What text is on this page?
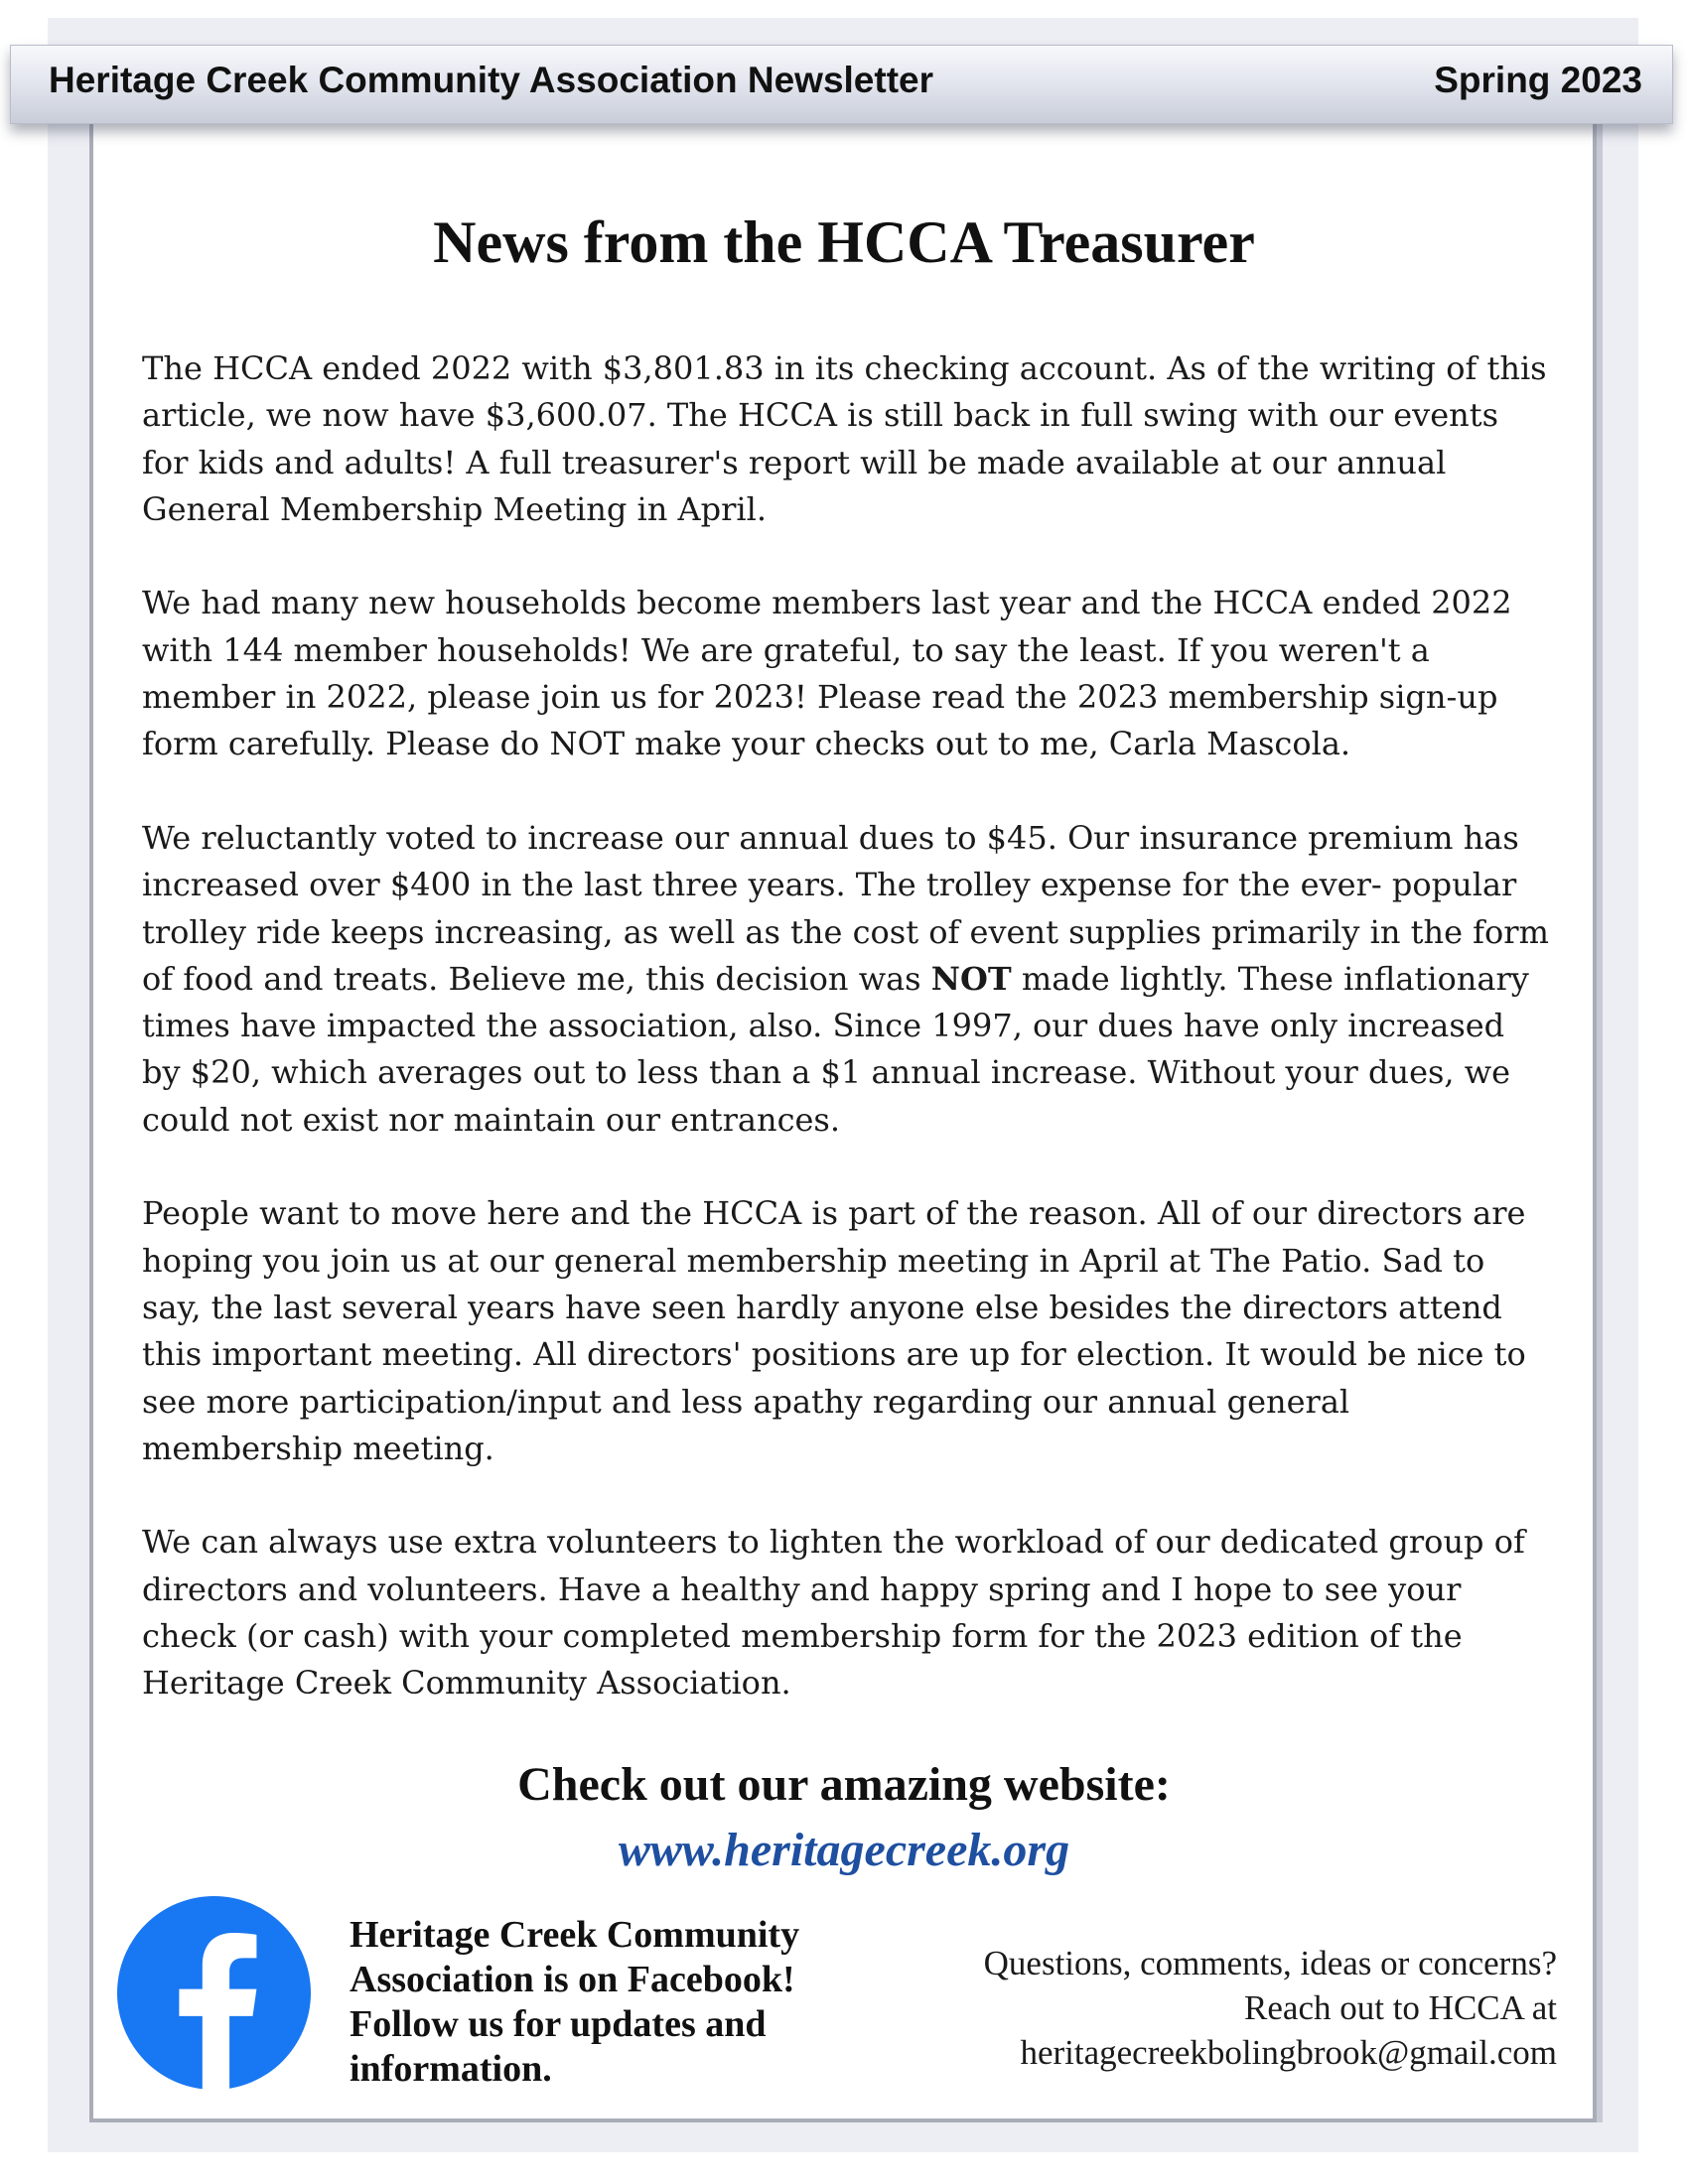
Heritage Creek Community Association Newsletter	Spring 2023
News from the HCCA Treasurer

The HCCA ended 2022 with $3,801.83 in its checking account. As of the writing of this article, we now have $3,600.07. The HCCA is still back in full swing with our events for kids and adults! A full treasurer's report will be made available at our annual General Membership Meeting in April.

We had many new households become members last year and the HCCA ended 2022 with 144 member households! We are grateful, to say the least. If you weren't a member in 2022, please join us for 2023! Please read the 2023 membership sign-up form carefully. Please do NOT make your checks out to me, Carla Mascola.

We reluctantly voted to increase our annual dues to $45. Our insurance premium has increased over $400 in the last three years. The trolley expense for the ever- popular trolley ride keeps increasing, as well as the cost of event supplies primarily in the form of food and treats. Believe me, this decision was NOT made lightly. These inflationary times have impacted the association, also. Since 1997, our dues have only increased by $20, which averages out to less than a $1 annual increase. Without your dues, we could not exist nor maintain our entrances.

People want to move here and the HCCA is part of the reason. All of our directors are hoping you join us at our general membership meeting in April at The Patio. Sad to say, the last several years have seen hardly anyone else besides the directors attend this important meeting. All directors' positions are up for election. It would be nice to see more participation/input and less apathy regarding our annual general membership meeting.

We can always use extra volunteers to lighten the workload of our dedicated group of directors and volunteers. Have a healthy and happy spring and I hope to see your check (or cash) with your completed membership form for the 2023 edition of the Heritage Creek Community Association.

Check out our amazing website:
www.heritagecreek.org
Heritage Creek Community Association is on Facebook! Follow us for updates and information.
Questions, comments, ideas or concerns? Reach out to HCCA at
heritagecreekbolingbrook@gmail.com
